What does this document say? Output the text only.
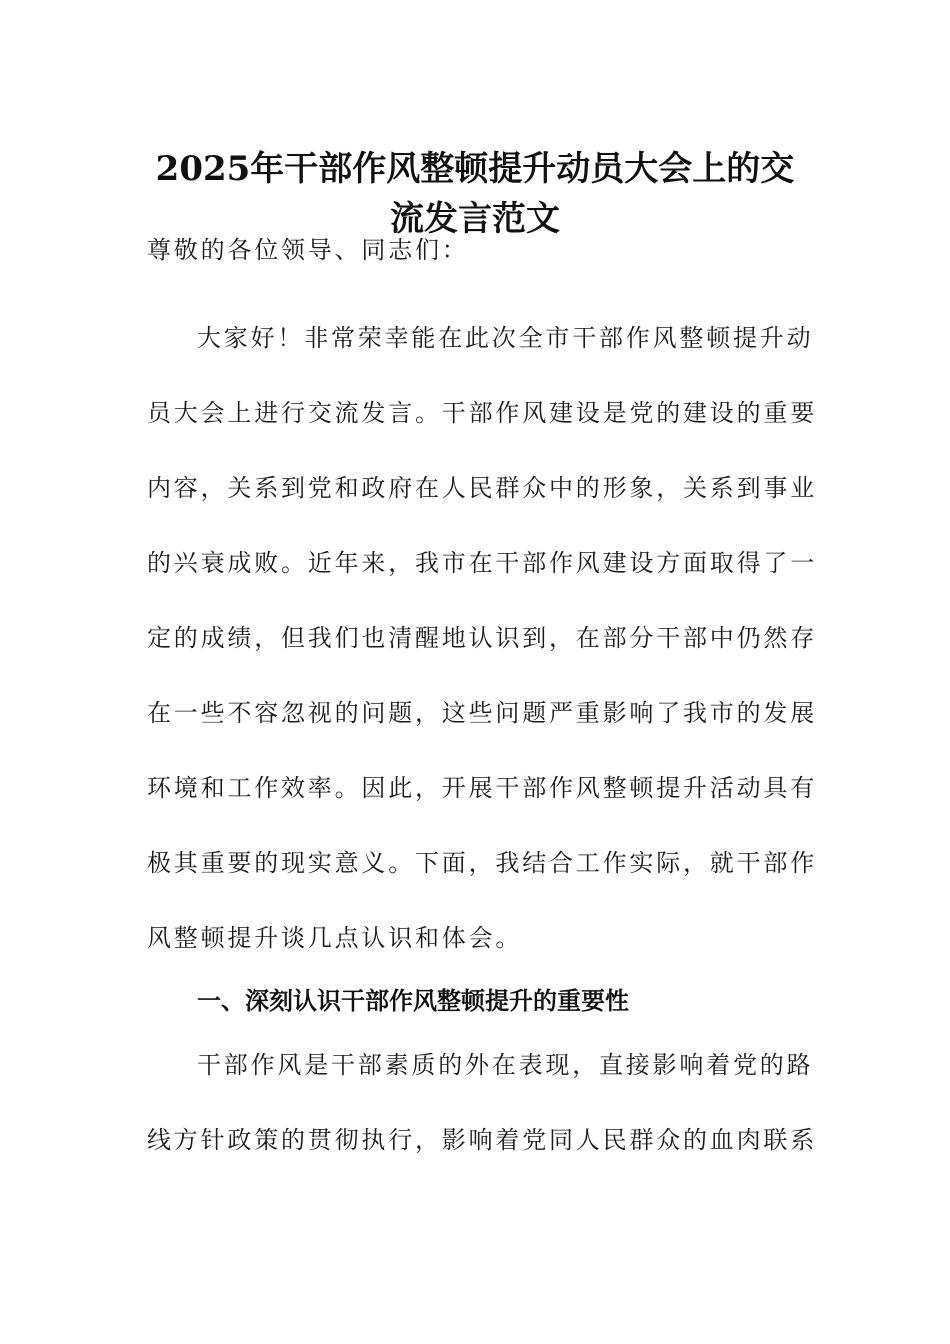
2025年干部作风整顿提升动员大会上的交
流发言范文
尊敬的各位领导、同志们：
大家好！非常荣幸能在此次全市干部作风整顿提升动
员大会上进行交流发言。干部作风建设是党的建设的重要
内容，关系到党和政府在人民群众中的形象，关系到事业
的兴衰成败。近年来，我市在干部作风建设方面取得了一
定的成绩，但我们也清醒地认识到，在部分干部中仍然存
在一些不容忽视的问题，这些问题严重影响了我市的发展
环境和工作效率。因此，开展干部作风整顿提升活动具有
极其重要的现实意义。下面，我结合工作实际，就干部作
风整顿提升谈几点认识和体会。
一、深刻认识干部作风整顿提升的重要性
干部作风是干部素质的外在表现，直接影响着党的路
线方针政策的贯彻执行，影响着党同人民群众的血肉联系
